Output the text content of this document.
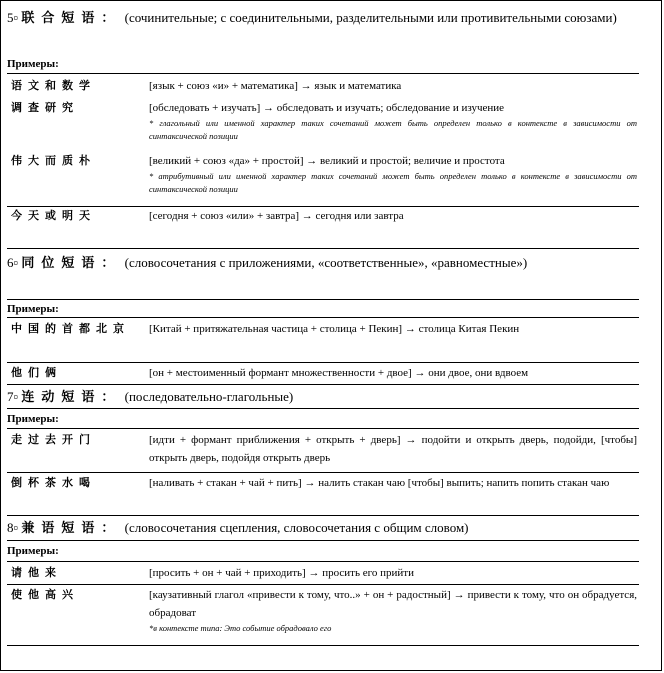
5▫ 联合短语： (сочинительные; с соединительными, разделительными или противительными союзами)
Примеры:
语文和数学	[язык + союз «и» + математика] → язык и математика
调查研究	[обследовать + изучать] → обследовать и изучать; обследование и изучение
* глагольный или именной характер таких сочетаний может быть определен только в контексте в зависимости от синтаксической позиции
伟大而质朴	[великий + союз «да» + простой] → великий и простой; величие и простота
* атрибутивный или именной характер таких сочетаний может быть определен только в контексте в зависимости от синтаксической позиции
今天或明天	[сегодня + союз «или» + завтра] → сегодня или завтра
6▫ 同位短语： (словосочетания с приложениями, «соответственные», «равноместные»)
Примеры:
中国的首都北京	[Китай + притяжательная частица + столица + Пекин] → столица Китая Пекин
他们俩	[он + местоименный формант множественности + двое] → они двое, они вдвоем
7▫ 连动短语： (последовательно-глагольные)
Примеры:
走过去开门	[идти + формант приближения + открыть + дверь] → подойти и открыть дверь, подойди, [чтобы] открыть дверь, подойдя открыть дверь
倒杯茶水喝	[наливать + стакан + чай + пить] → налить стакан чаю [чтобы] выпить; напить попить стакан чаю
8▫ 兼语短语： (словосочетания сцепления, словосочетания с общим словом)
Примеры:
请他来	[просить + он + чай + приходить] → просить его прийти
使他高兴	[каузативный глагол «привести к тому, что..» + он + радостный] → привести к тому, что он обрадуется, обрадоват
*в контексте типа: Это событие обрадовало его
